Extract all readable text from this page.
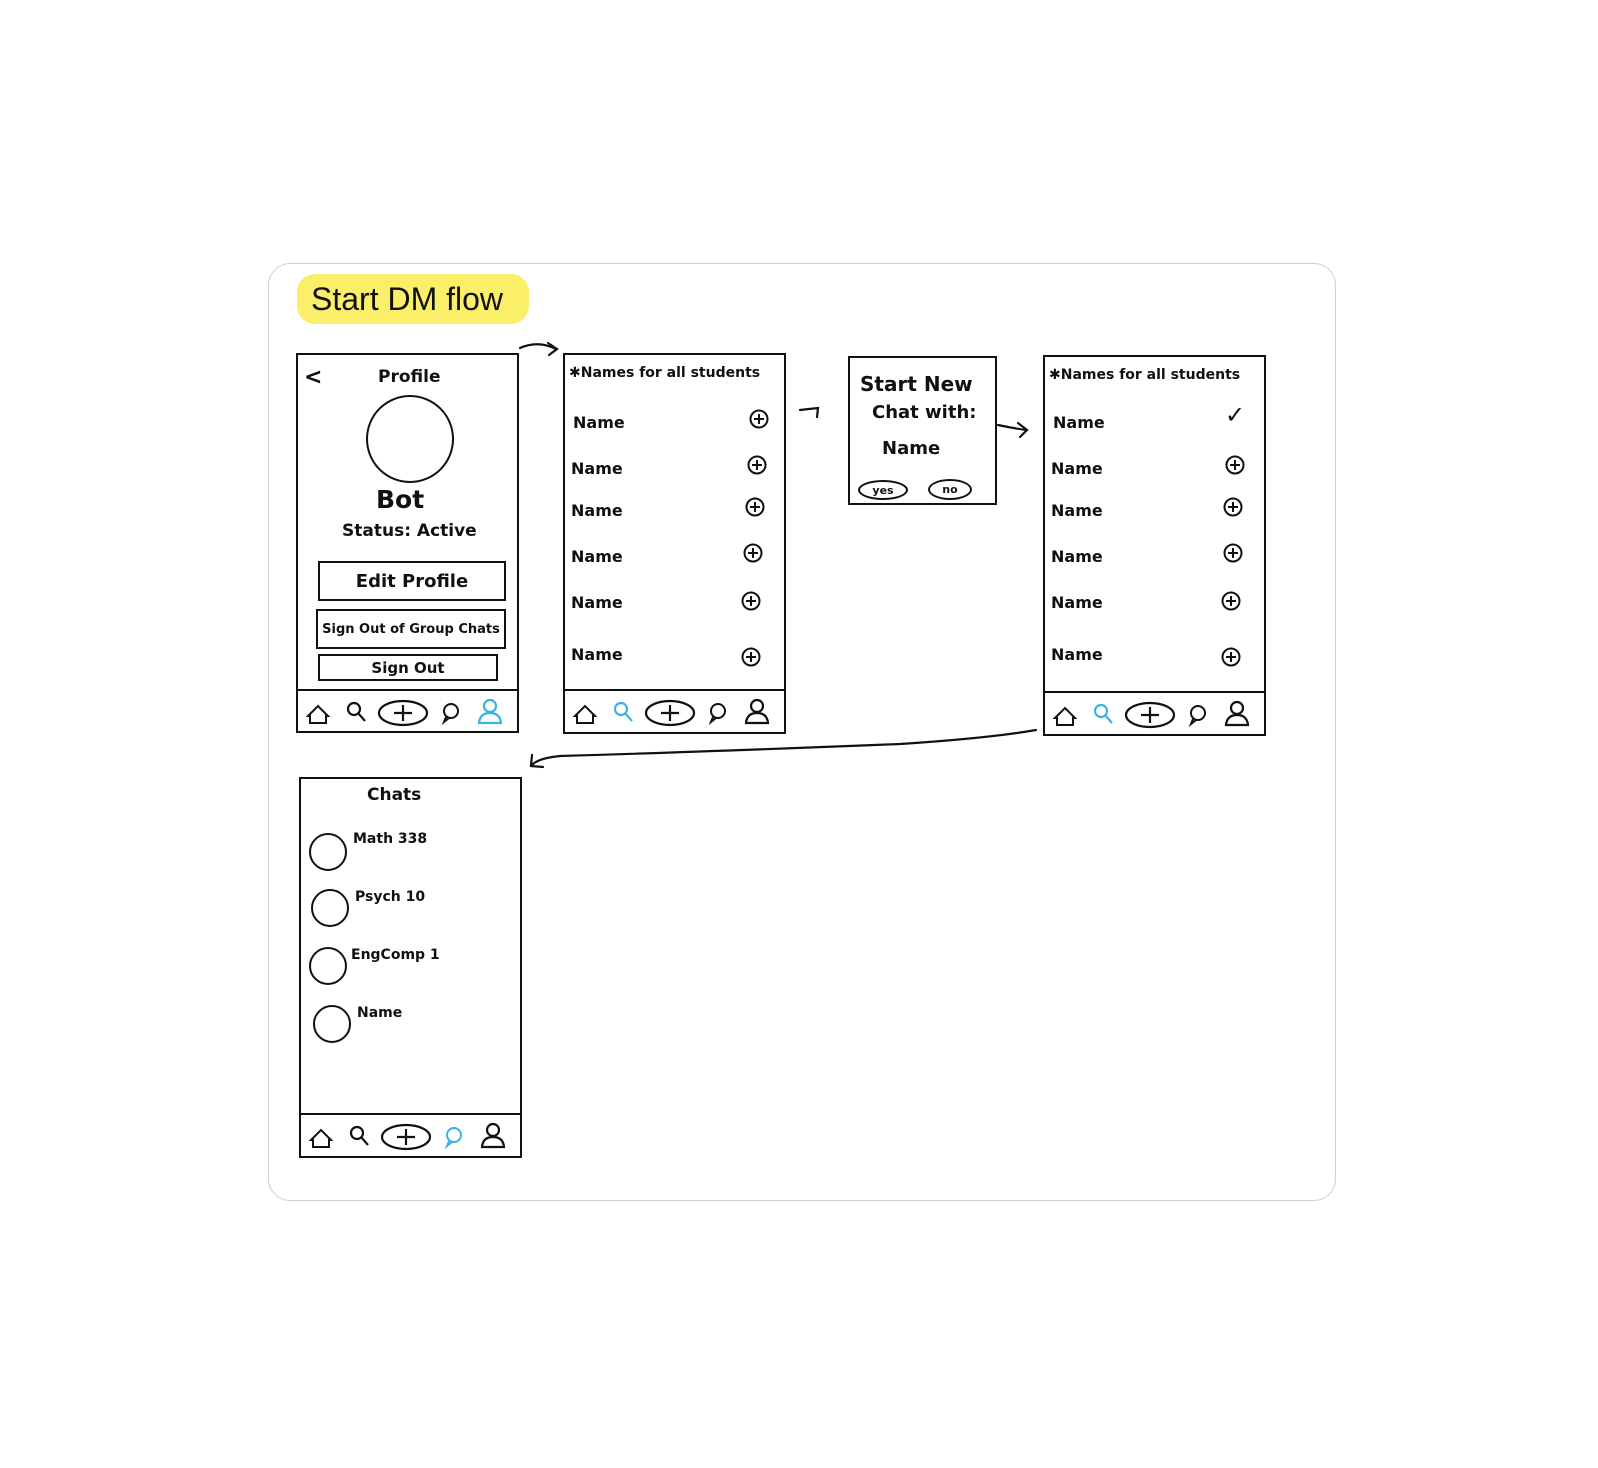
Start DM flow
<	Profile
Bot
Status: Active
Edit Profile
Sign Out of Group Chats
Sign Out
✱Names for all students
Name
Name
Name
Name
Name
Name
Start New
Chat with:
Name
yes	no
✱Names for all students
Name	✓
Name
Name
Name
Name
Name
Chats
Math 338
Psych 10
EngComp 1
Name
